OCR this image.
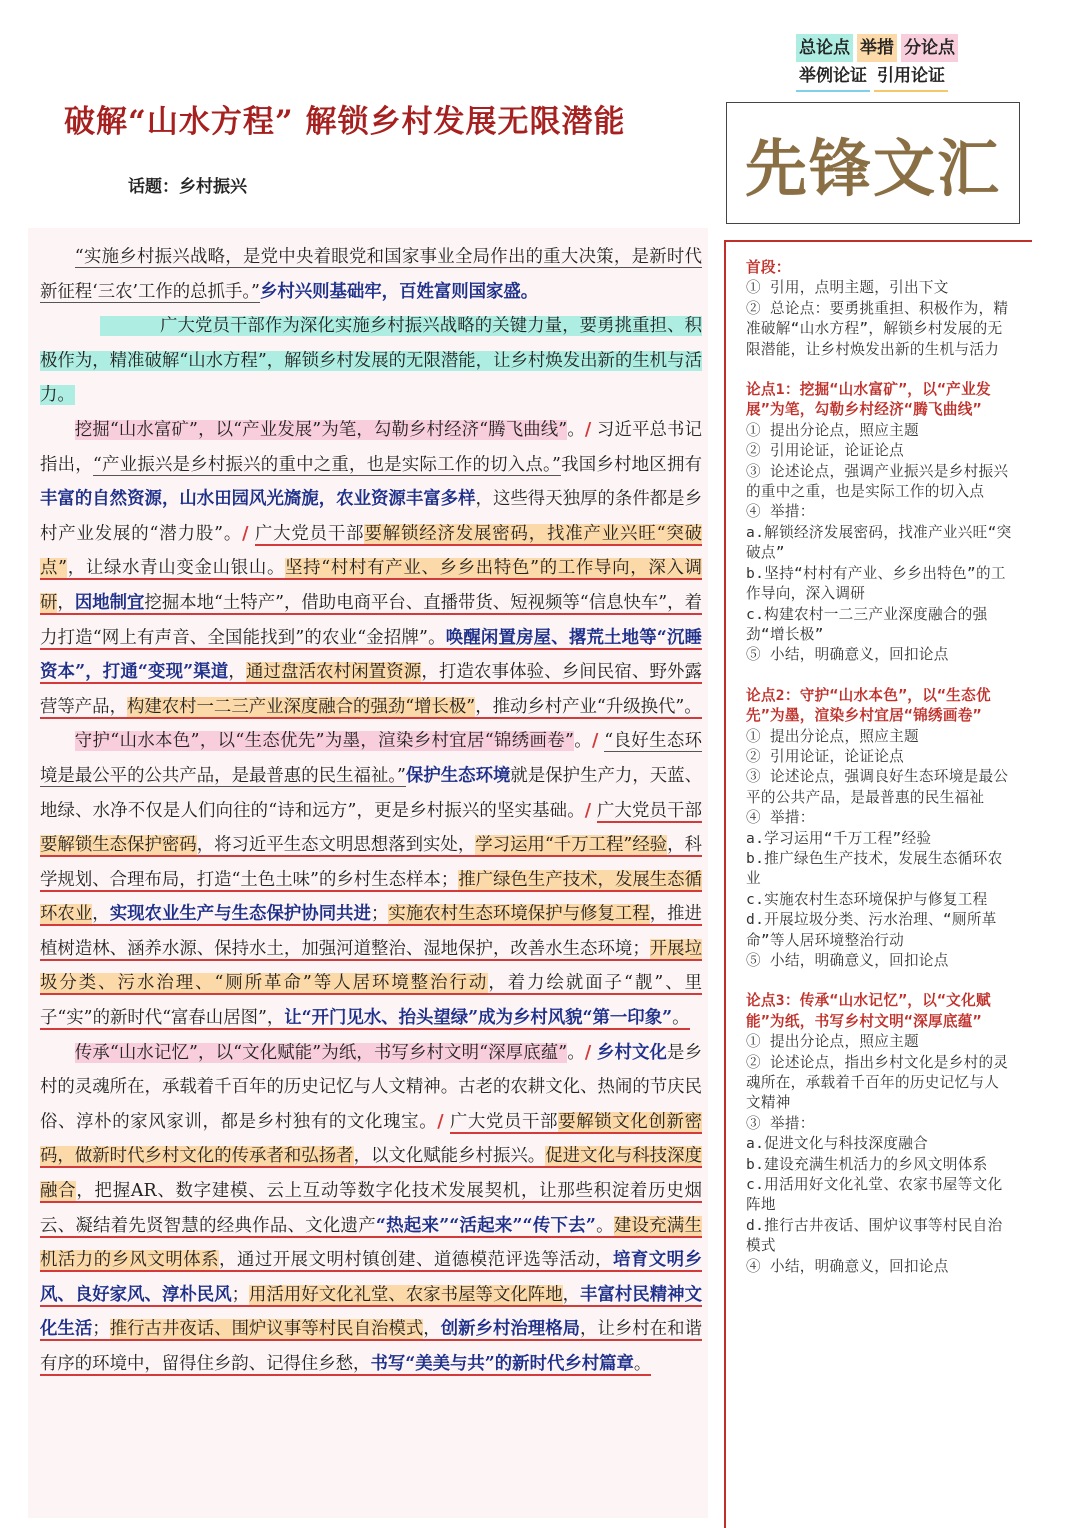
总论点 举措 分论点
举例论证 引用论证
破解“山水方程” 解锁乡村发展无限潜能
话题：乡村振兴	先锋文汇

“实施乡村振兴战略，是党中央着眼党和国家事业全局作出的重大决策，是新时代新征程‘三农’工作的总抓手。”乡村兴则基础牢，百姓富则国家盛。

广大党员干部作为深化实施乡村振兴战略的关键力量，要勇挑重担、积极作为，精准破解“山水方程”，解锁乡村发展的无限潜能，让乡村焕发出新的生机与活力。

挖掘“山水富矿”，以“产业发展”为笔，勾勒乡村经济“腾飞曲线”。/ 习近平总书记指出，“产业振兴是乡村振兴的重中之重，也是实际工作的切入点。”我国乡村地区拥有丰富的自然资源，山水田园风光旖旎，农业资源丰富多样，这些得天独厚的条件都是乡村产业发展的“潜力股”。/ 广大党员干部要解锁经济发展密码，找准产业兴旺“突破点”，让绿水青山变金山银山。坚持“村村有产业、乡乡出特色”的工作导向，深入调研，因地制宜挖掘本地“土特产”，借助电商平台、直播带货、短视频等“信息快车”，着力打造“网上有声音、全国能找到”的农业“金招牌”。唤醒闲置房屋、撂荒土地等“沉睡资本”，打通“变现”渠道，通过盘活农村闲置资源，打造农事体验、乡间民宿、野外露营等产品，构建农村一二三产业深度融合的强劲“增长极”，推动乡村产业“升级换代”。

守护“山水本色”，以“生态优先”为墨，渲染乡村宜居“锦绣画卷”。/ “良好生态环境是最公平的公共产品，是最普惠的民生福祉。”保护生态环境就是保护生产力，天蓝、地绿、水净不仅是人们向往的“诗和远方”，更是乡村振兴的坚实基础。/ 广大党员干部要解锁生态保护密码，将习近平生态文明思想落到实处，学习运用“千万工程”经验，科学规划、合理布局，打造“土色土味”的乡村生态样本；推广绿色生产技术，发展生态循环农业，实现农业生产与生态保护协同共进；实施农村生态环境保护与修复工程，推进植树造林、涵养水源、保持水土，加强河道整治、湿地保护，改善水生态环境；开展垃圾分类、污水治理、“厕所革命”等人居环境整治行动，着力绘就面子“靓”、里子“实”的新时代“富春山居图”，让“开门见水、抬头望绿”成为乡村风貌“第一印象”。

传承“山水记忆”，以“文化赋能”为纸，书写乡村文明“深厚底蕴”。/ 乡村文化是乡村的灵魂所在，承载着千百年的历史记忆与人文精神。古老的农耕文化、热闹的节庆民俗、淳朴的家风家训，都是乡村独有的文化瑰宝。/ 广大党员干部要解锁文化创新密码，做新时代乡村文化的传承者和弘扬者，以文化赋能乡村振兴。促进文化与科技深度融合，把握AR、数字建模、云上互动等数字化技术发展契机，让那些积淀着历史烟云、凝结着先贤智慧的经典作品、文化遗产“热起来”“活起来”“传下去”。建设充满生机活力的乡风文明体系，通过开展文明村镇创建、道德模范评选等活动，培育文明乡风、良好家风、淳朴民风；用活用好文化礼堂、农家书屋等文化阵地，丰富村民精神文化生活；推行古井夜话、围炉议事等村民自治模式，创新乡村治理格局，让乡村在和谐有序的环境中，留得住乡韵、记得住乡愁，书写“美美与共”的新时代乡村篇章。

首段：
① 引用，点明主题，引出下文
② 总论点：要勇挑重担、积极作为，精准破解“山水方程”，解锁乡村发展的无限潜能，让乡村焕发出新的生机与活力
论点1：挖掘“山水富矿”，以“产业发展”为笔，勾勒乡村经济“腾飞曲线”
① 提出分论点，照应主题
② 引用论证，论证论点
③ 论述论点，强调产业振兴是乡村振兴的重中之重，也是实际工作的切入点
④ 举措：
a.解锁经济发展密码，找准产业兴旺“突破点”
b.坚持“村村有产业、乡乡出特色”的工作导向，深入调研
c.构建农村一二三产业深度融合的强劲“增长极”
⑤ 小结，明确意义，回扣论点
论点2：守护“山水本色”，以“生态优先”为墨，渲染乡村宜居“锦绣画卷”
① 提出分论点，照应主题
② 引用论证，论证论点
③ 论述论点，强调良好生态环境是最公平的公共产品，是最普惠的民生福祉
④ 举措：
a.学习运用“千万工程”经验
b.推广绿色生产技术，发展生态循环农业
c.实施农村生态环境保护与修复工程
d.开展垃圾分类、污水治理、“厕所革命”等人居环境整治行动
⑤ 小结，明确意义，回扣论点
论点3：传承“山水记忆”，以“文化赋能”为纸，书写乡村文明“深厚底蕴”
① 提出分论点，照应主题
② 论述论点，指出乡村文化是乡村的灵魂所在，承载着千百年的历史记忆与人文精神
③ 举措：
a.促进文化与科技深度融合
b.建设充满生机活力的乡风文明体系
c.用活用好文化礼堂、农家书屋等文化阵地
d.推行古井夜话、围炉议事等村民自治模式
④ 小结，明确意义，回扣论点
